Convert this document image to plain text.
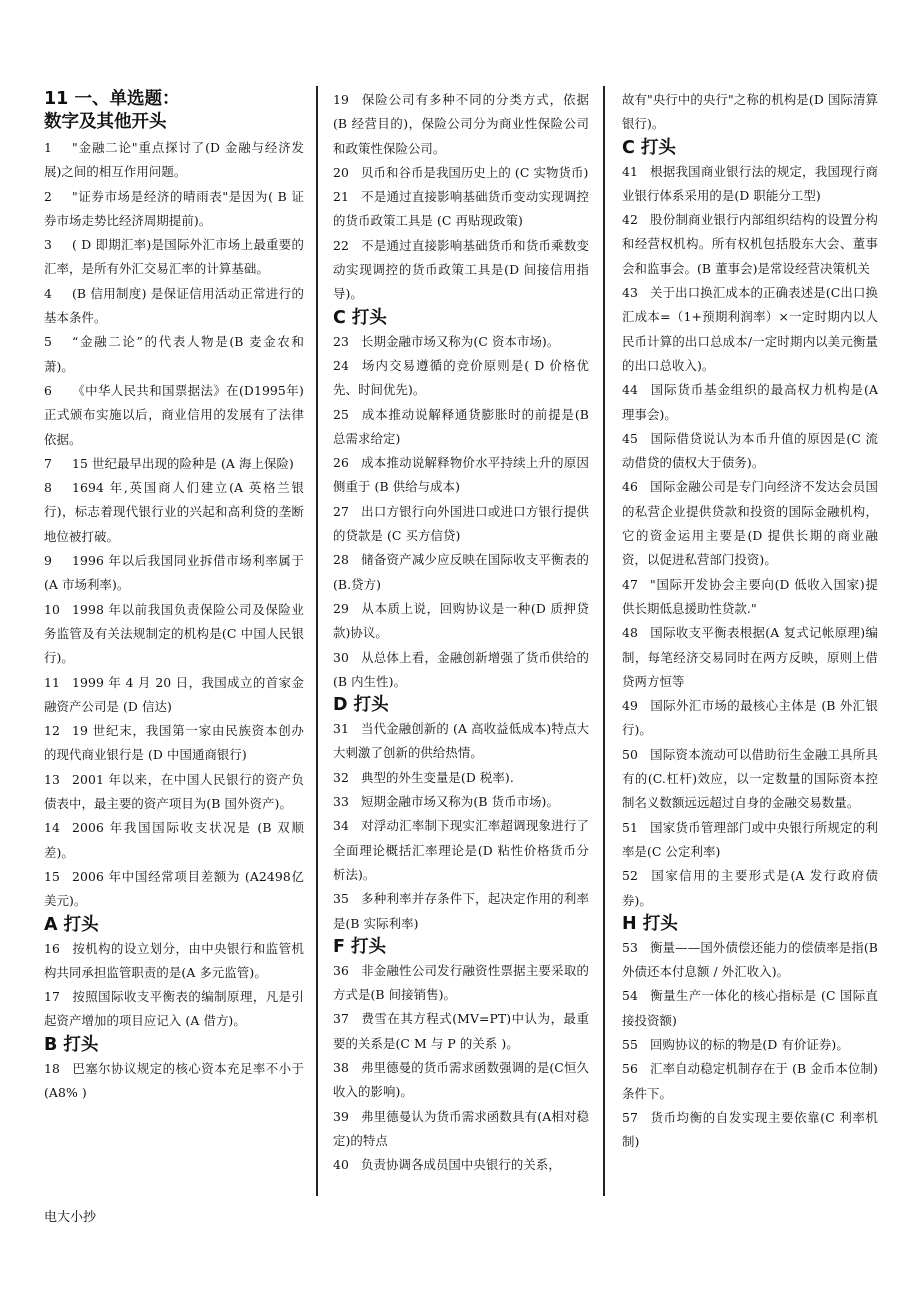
11 一、单选题：

数字及其他开头

1 "金融二论"重点探讨了(D 金融与经济发展)之间的相互作用问题。

2 "证券市场是经济的晴雨表"是因为( B 证券市场走势比经济周期提前)。

3 ( D 即期汇率)是国际外汇市场上最重要的汇率，是所有外汇交易汇率的计算基础。

4 (B 信用制度) 是保证信用活动正常进行的基本条件。

5 “金融二论”的代表人物是(B 麦金农和萧)。

6 《中华人民共和国票据法》在(D1995年)正式颁布实施以后，商业信用的发展有了法律依据。

7 15 世纪最早出现的险种是 (A 海上保险)

8 1694 年,英国商人们建立(A 英格兰银行)，标志着现代银行业的兴起和高利贷的垄断地位被打破。

9 1996 年以后我国同业拆借市场利率属于(A 市场利率)。

10 1998 年以前我国负责保险公司及保险业务监管及有关法规制定的机构是(C 中国人民银行)。

11 1999 年 4 月 20 日，我国成立的首家金融资产公司是 (D 信达)

12 19 世纪末，我国第一家由民族资本创办的现代商业银行是 (D 中国通商银行)

13 2001 年以来，在中国人民银行的资产负债表中，最主要的资产项目为(B 国外资产)。

14 2006 年我国国际收支状况是 (B 双顺差)。

15 2006 年中国经常项目差额为 (A2498亿美元)。

A 打头

16 按机构的设立划分，由中央银行和监管机构共同承担监管职责的是(A 多元监管)。

17 按照国际收支平衡表的编制原理，凡是引起资产增加的项目应记入 (A 借方)。

B 打头

18 巴塞尔协议规定的核心资本充足率不小于(A8% )

19 保险公司有多种不同的分类方式，依据 (B 经营目的)，保险公司分为商业性保险公司和政策性保险公司。

20 贝币和谷币是我国历史上的 (C 实物货币)

21 不是通过直接影响基础货币变动实现调控的货币政策工具是 (C 再贴现政策)

22 不是通过直接影响基础货币和货币乘数变动实现调控的货币政策工具是(D 间接信用指导)。

C 打头

23 长期金融市场又称为(C 资本市场)。

24 场内交易遵循的竞价原则是( D 价格优先、时间优先)。

25 成本推动说解释通货膨胀时的前提是(B 总需求给定)

26 成本推动说解释物价水平持续上升的原因侧重于 (B 供给与成本)

27 出口方银行向外国进口或进口方银行提供的贷款是 (C 买方信贷)

28 储备资产减少应反映在国际收支平衡表的(B.贷方)

29 从本质上说，回购协议是一种(D 质押贷款)协议。

30 从总体上看，金融创新增强了货币供给的(B 内生性)。

D 打头

31 当代金融创新的 (A 高收益低成本)特点大大刺激了创新的供给热情。

32 典型的外生变量是(D 税率).

33 短期金融市场又称为(B 货币市场)。

34 对浮动汇率制下现实汇率超调现象进行了全面理论概括汇率理论是(D 粘性价格货币分析法)。

35 多种利率并存条件下，起决定作用的利率是(B 实际利率)

F 打头

36 非金融性公司发行融资性票据主要采取的方式是(B 间接销售)。

37 费雪在其方程式(MV=PT)中认为，最重要的关系是(C M 与 P 的关系 )。

38 弗里德曼的货币需求函数强调的是(C恒久收入的影响)。

39 弗里德曼认为货币需求函数具有(A相对稳定)的特点

40 负责协调各成员国中央银行的关系，

故有"央行中的央行"之称的机构是(D 国际清算银行)。

C 打头

41 根据我国商业银行法的规定，我国现行商业银行体系采用的是(D 职能分工型)

42 股份制商业银行内部组织结构的设置分构和经营权机构。所有权机包括股东大会、董事会和监事会。(B 董事会)是常设经营决策机关

43 关于出口换汇成本的正确表述是(C出口换汇成本=（1+预期利润率）×一定时期内以人民币计算的出口总成本/一定时期内以美元衡量的出口总收入)。

44 国际货币基金组织的最高权力机构是(A 理事会)。

45 国际借贷说认为本币升值的原因是(C 流动借贷的债权大于债务)。

46 国际金融公司是专门向经济不发达会员国的私营企业提供贷款和投资的国际金融机构，它的资金运用主要是(D 提供长期的商业融资，以促进私营部门投资)。

47 "国际开发协会主要向(D 低收入国家)提供长期低息援助性贷款."

48 国际收支平衡表根据(A 复式记帐原理)编制，每笔经济交易同时在两方反映，原则上借贷两方恒等

49 国际外汇市场的最核心主体是 (B 外汇银行)。

50 国际资本流动可以借助衍生金融工具所具有的(C.杠杆)效应，以一定数量的国际资本控制名义数额远远超过自身的金融交易数量。

51 国家货币管理部门或中央银行所规定的利率是(C 公定利率)

52 国家信用的主要形式是(A 发行政府债券)。

H 打头

53 衡量——国外债偿还能力的偿债率是指(B 外债还本付息额 / 外汇收入)。

54 衡量生产一体化的核心指标是 (C 国际直接投资额)

55 回购协议的标的物是(D 有价证券)。

56 汇率自动稳定机制存在于 (B 金币本位制) 条件下。

57 货币均衡的自发实现主要依靠(C 利率机制)

电大小抄
